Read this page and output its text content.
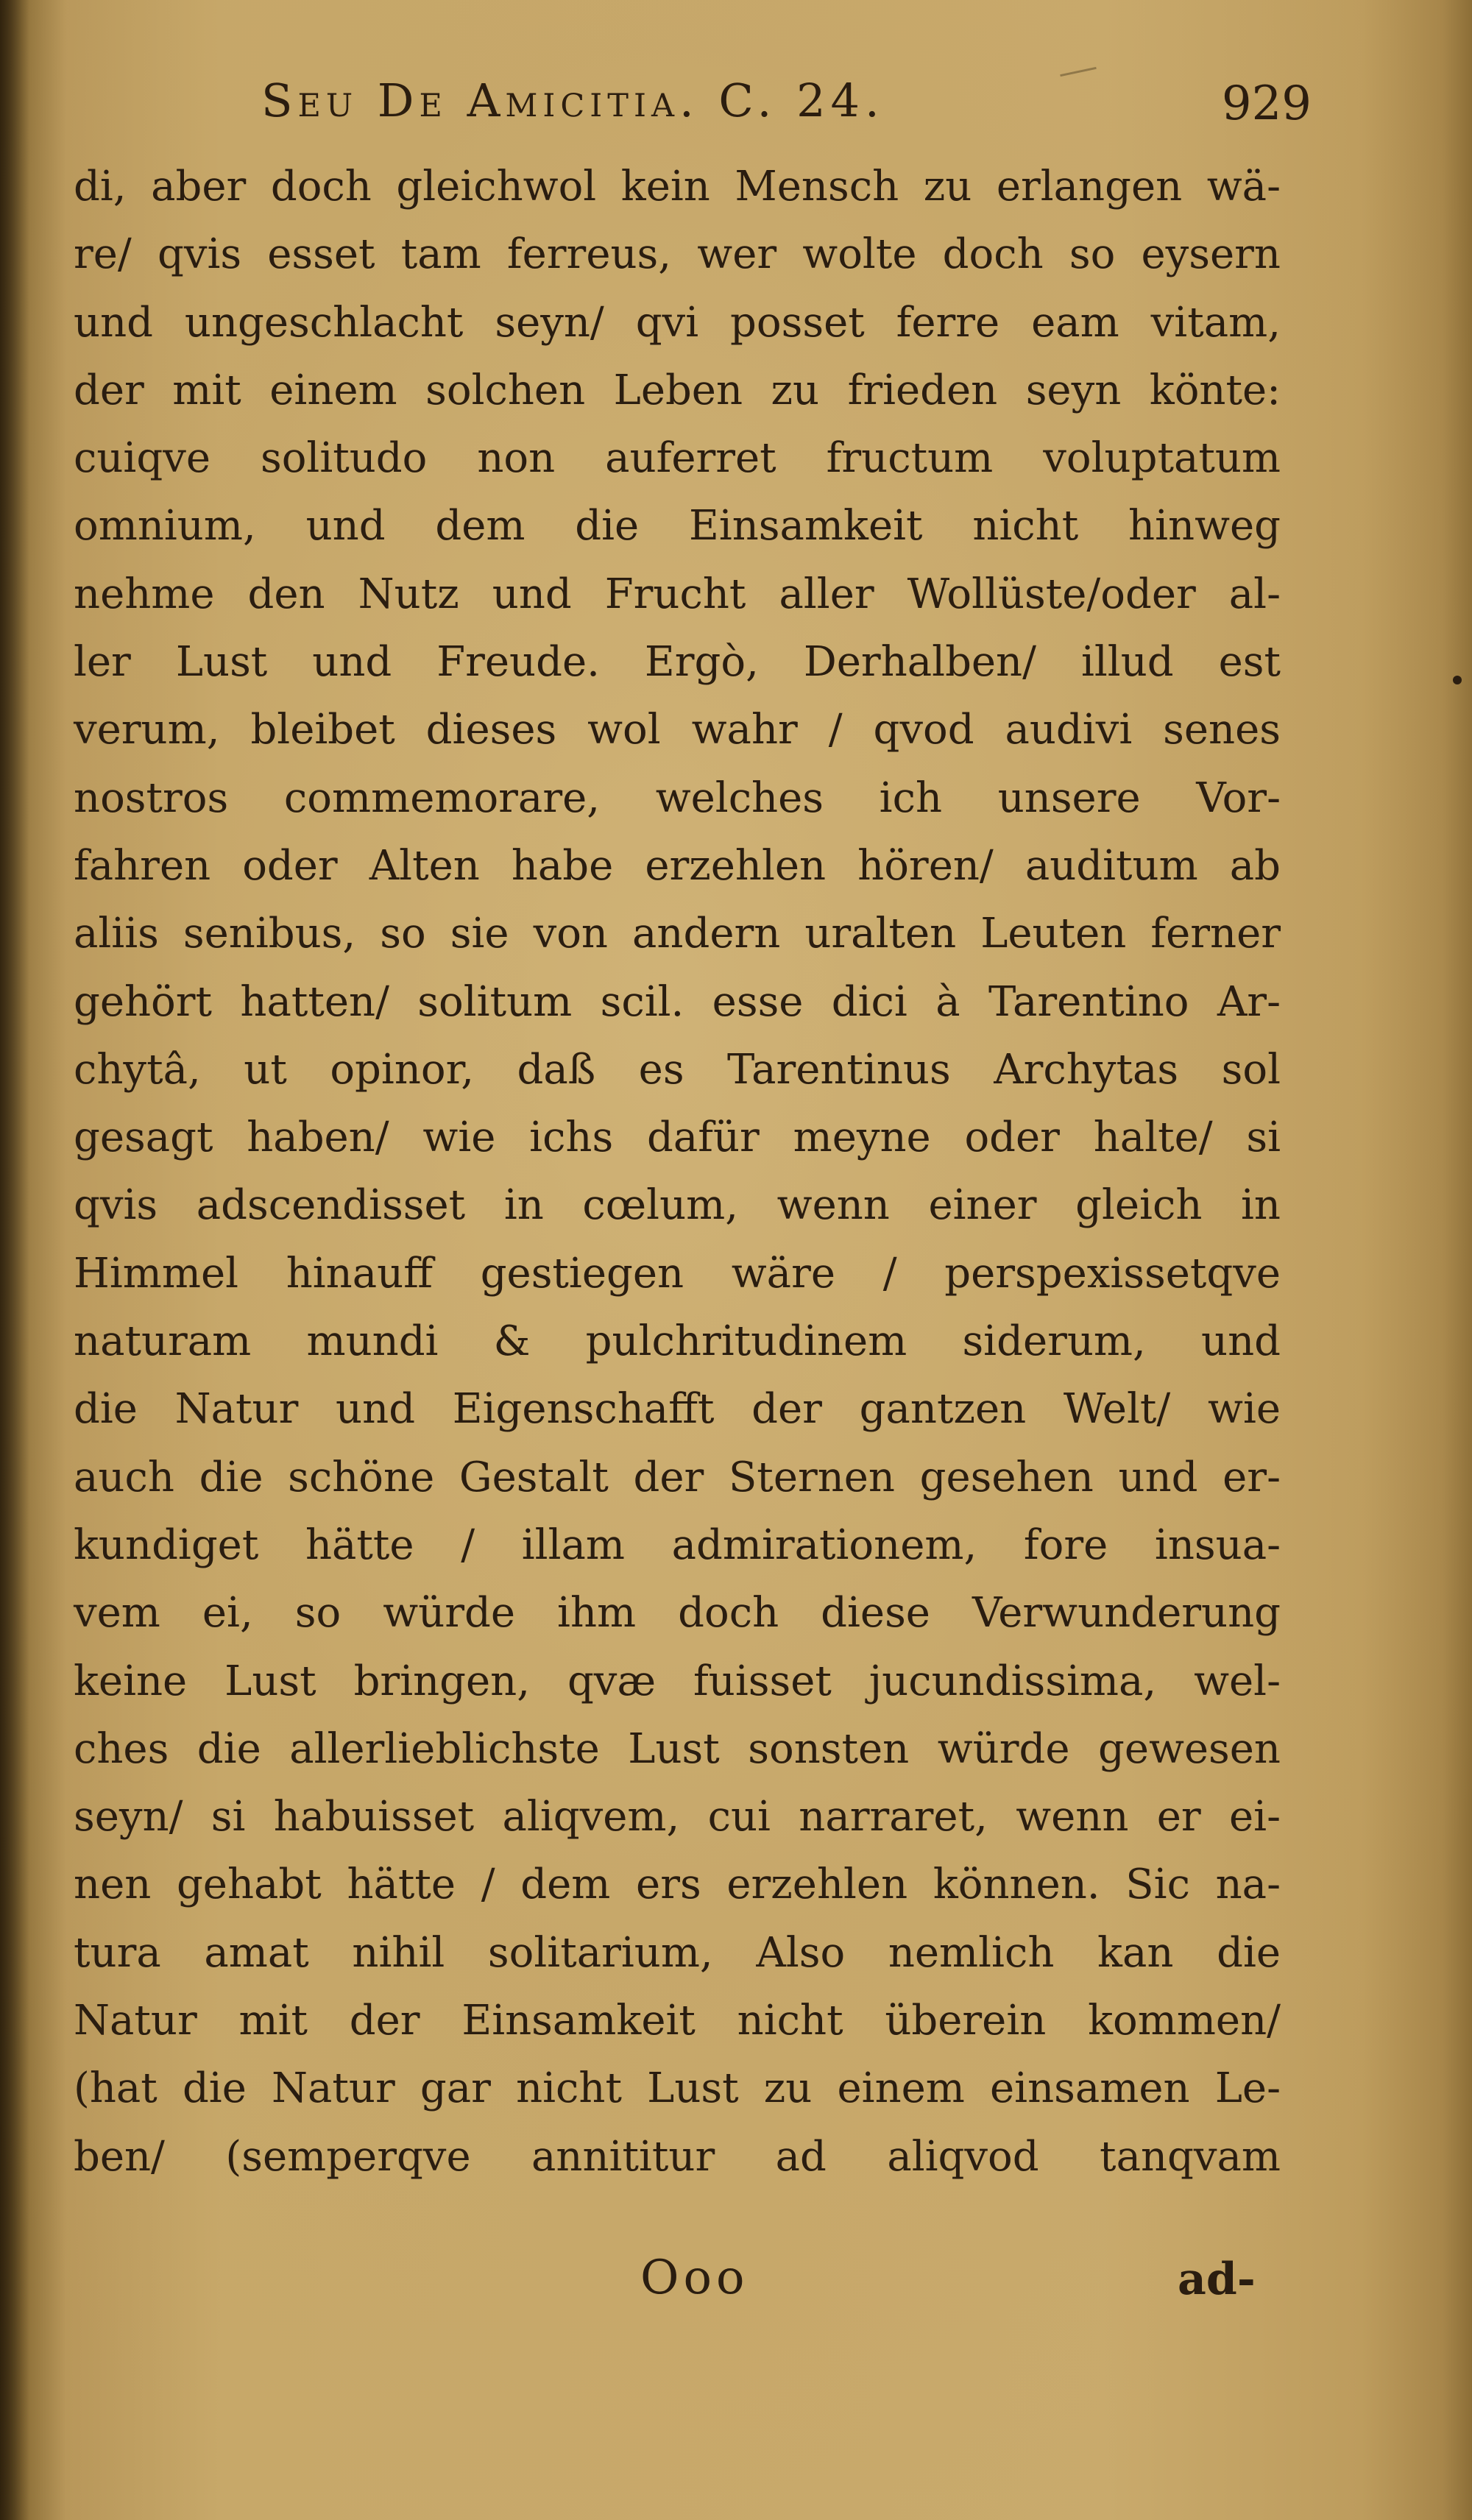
Seu De Amicitia. C. 24.	929
di, aber doch gleichwol kein Mensch zu erlangen wä-
re/ qvis esset tam ferreus, wer wolte doch so eysern
und ungeschlacht seyn/ qvi posset ferre eam vitam,
der mit einem solchen Leben zu frieden seyn könte:
cuiqve solitudo non auferret fructum voluptatum
omnium, und dem die Einsamkeit nicht hinweg
nehme den Nutz und Frucht aller Wollüste/oder al-
ler Lust und Freude. Ergò, Derhalben/ illud est
verum, bleibet dieses wol wahr / qvod audivi senes
nostros commemorare, welches ich unsere Vor-
fahren oder Alten habe erzehlen hören/ auditum ab
aliis senibus, so sie von andern uralten Leuten ferner
gehört hatten/ solitum scil. esse dici à Tarentino Ar-
chytâ, ut opinor, daß es Tarentinus Archytas sol
gesagt haben/ wie ichs dafür meyne oder halte/ si
qvis adscendisset in cœlum, wenn einer gleich in
Himmel hinauff gestiegen wäre / perspexissetqve
naturam mundi & pulchritudinem siderum, und
die Natur und Eigenschafft der gantzen Welt/ wie
auch die schöne Gestalt der Sternen gesehen und er-
kundiget hätte / illam admirationem, fore insua-
vem ei, so würde ihm doch diese Verwunderung
keine Lust bringen, qvæ fuisset jucundissima, wel-
ches die allerlieblichste Lust sonsten würde gewesen
seyn/ si habuisset aliqvem, cui narraret, wenn er ei-
nen gehabt hätte / dem ers erzehlen können. Sic na-
tura amat nihil solitarium, Also nemlich kan die
Natur mit der Einsamkeit nicht überein kommen/
(hat die Natur gar nicht Lust zu einem einsamen Le-
ben/ (semperqve annititur ad aliqvod tanqvam
Ooo	ad-
